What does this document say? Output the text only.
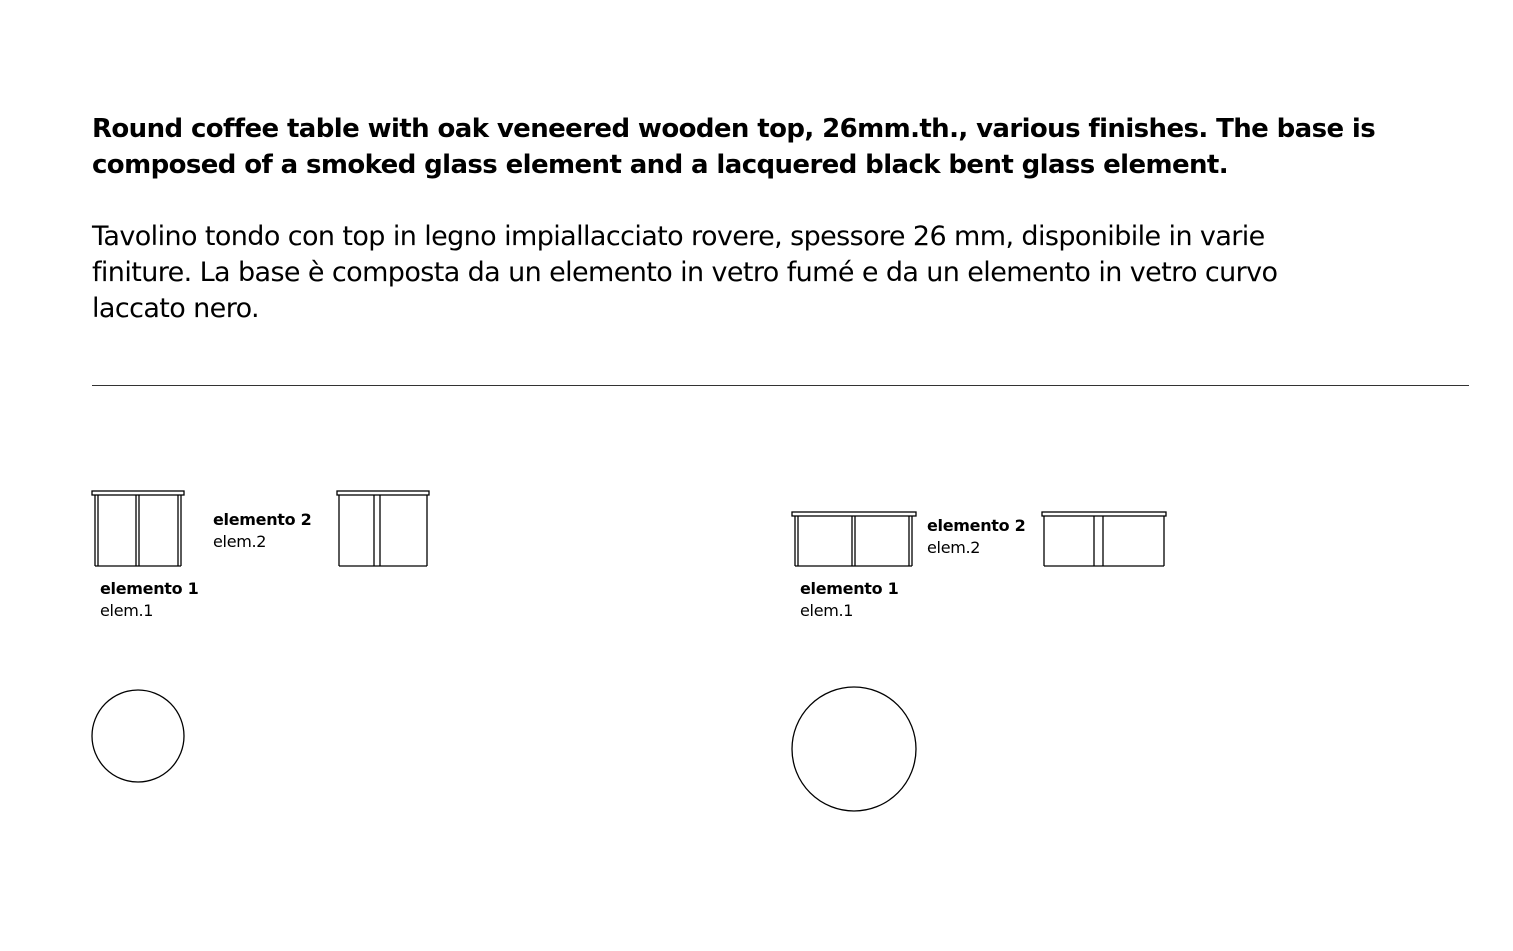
Round coffee table with oak veneered wooden top, 26mm.th., various finishes. The base is
composed of a smoked glass element and a lacquered black bent glass element.

Tavolino tondo con top in legno impiallacciato rovere, spessore 26 mm, disponibile in varie
finiture. La base è composta da un elemento in vetro fumé e da un elemento in vetro curvo
laccato nero.

elemento 2
elem.2
elemento 1
elem.1
elemento 2
elem.2
elemento 1
elem.1
